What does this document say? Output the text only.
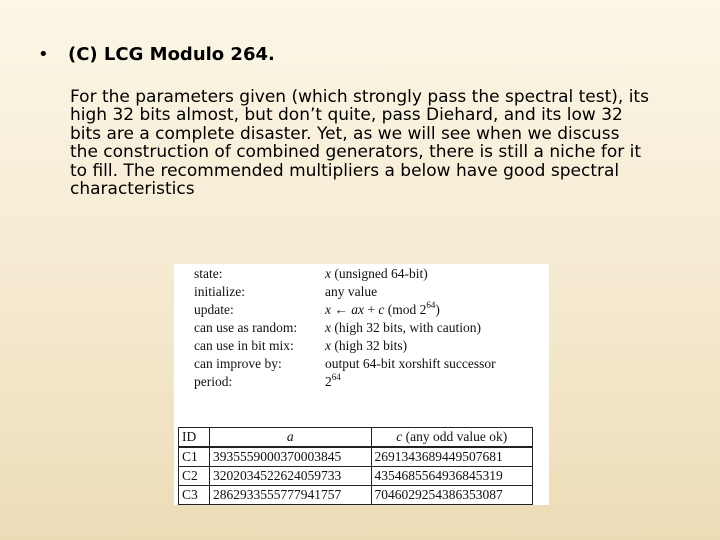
• (C) LCG Modulo 264.

For the parameters given (which strongly pass the spectral test), its
high 32 bits almost, but don’t quite, pass Diehard, and its low 32
bits are a complete disaster. Yet, as we will see when we discuss
the construction of combined generators, there is still a niche for it
to fill. The recommended multipliers a below have good spectral
characteristics

state:	x (unsigned 64-bit)
initialize:	any value
update:	x ← ax + c (mod $2^{64}$)
can use as random: x (high 32 bits, with caution)
can use in bit mix: x (high 32 bits)
can improve by:	output 64-bit xorshift successor
period:	$2^{64}$
ID	a	c (any odd value ok)
C1	3935559000370003845	2691343689449507681
C2	3202034522624059733	4354685564936845319
C3	2862933555777941757	7046029254386353087
